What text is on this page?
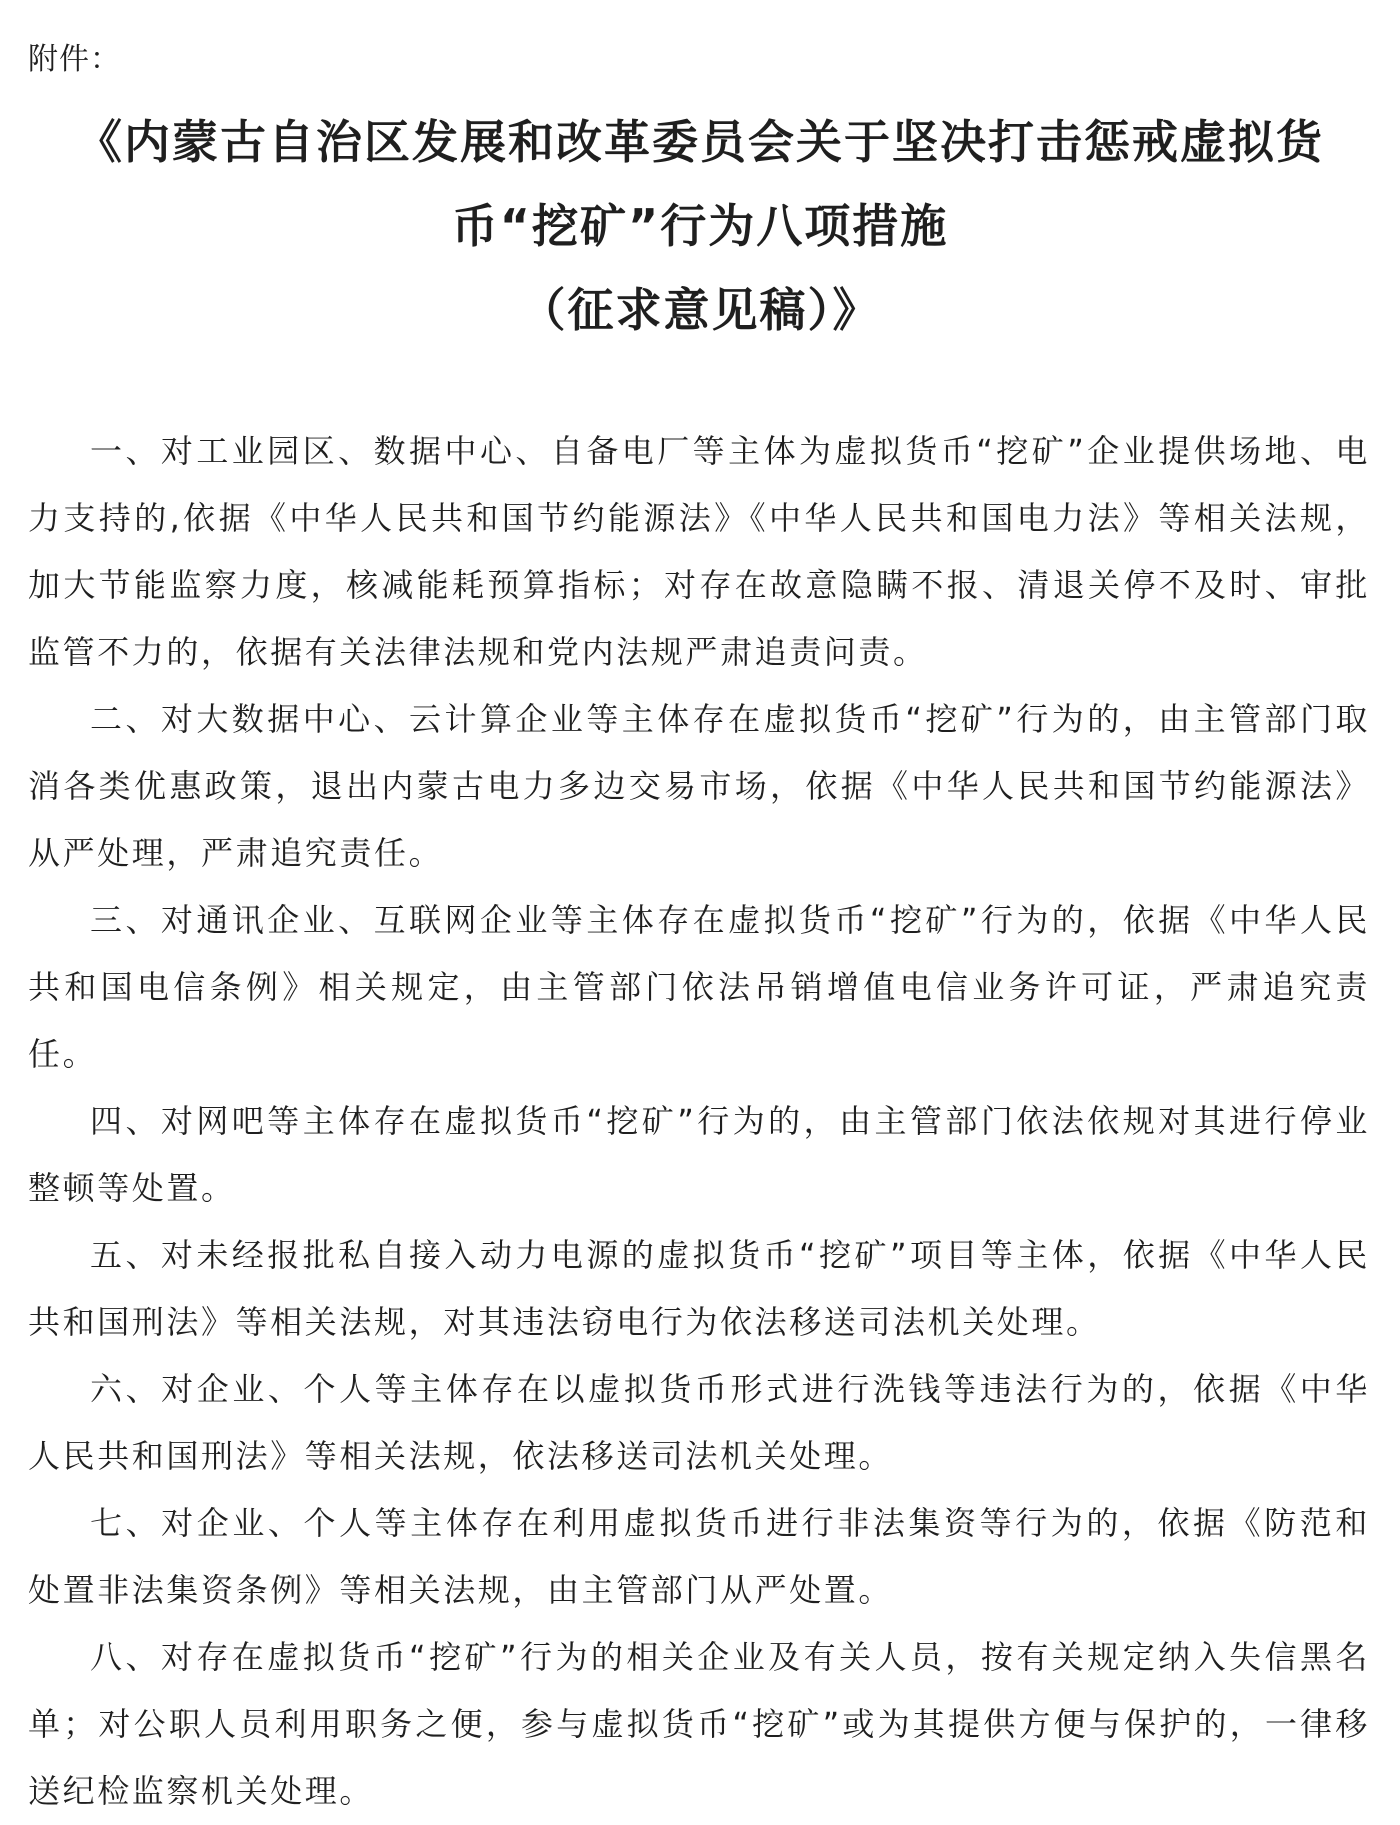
附件：
《内蒙古自治区发展和改革委员会关于坚决打击惩戒虚拟货
币“挖矿”行为八项措施
（征求意见稿）》

一、对工业园区、数据中心、自备电厂等主体为虚拟货币“挖矿”企业提供场地、电力支持的,依据《中华人民共和国节约能源法》《中华人民共和国电力法》等相关法规，加大节能监察力度，核减能耗预算指标；对存在故意隐瞒不报、清退关停不及时、审批监管不力的，依据有关法律法规和党内法规严肃追责问责。

二、对大数据中心、云计算企业等主体存在虚拟货币“挖矿”行为的，由主管部门取消各类优惠政策，退出内蒙古电力多边交易市场，依据《中华人民共和国节约能源法》从严处理，严肃追究责任。

三、对通讯企业、互联网企业等主体存在虚拟货币“挖矿”行为的，依据《中华人民共和国电信条例》相关规定，由主管部门依法吊销增值电信业务许可证，严肃追究责任。

四、对网吧等主体存在虚拟货币“挖矿”行为的，由主管部门依法依规对其进行停业整顿等处置。

五、对未经报批私自接入动力电源的虚拟货币“挖矿”项目等主体，依据《中华人民共和国刑法》等相关法规，对其违法窃电行为依法移送司法机关处理。

六、对企业、个人等主体存在以虚拟货币形式进行洗钱等违法行为的，依据《中华人民共和国刑法》等相关法规，依法移送司法机关处理。

七、对企业、个人等主体存在利用虚拟货币进行非法集资等行为的，依据《防范和处置非法集资条例》等相关法规，由主管部门从严处置。

八、对存在虚拟货币“挖矿”行为的相关企业及有关人员，按有关规定纳入失信黑名单；对公职人员利用职务之便，参与虚拟货币“挖矿”或为其提供方便与保护的，一律移送纪检监察机关处理。
